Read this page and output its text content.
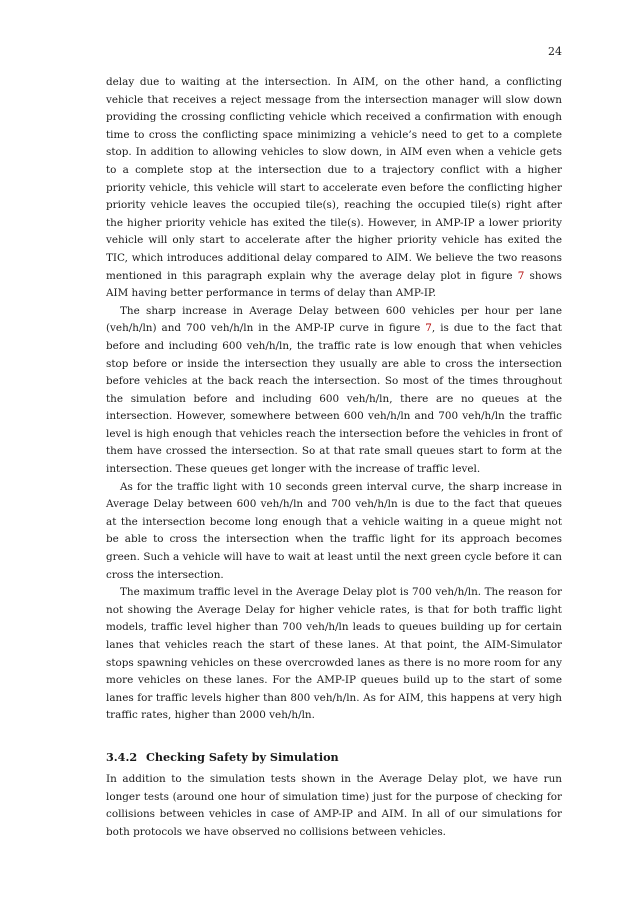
24

delay due to waiting at the intersection. In AIM, on the other hand, a conflicting vehicle that receives a reject message from the intersection manager will slow down providing the crossing conflicting vehicle which received a confirmation with enough time to cross the conflicting space minimizing a vehicle’s need to get to a complete stop. In addition to allowing vehicles to slow down, in AIM even when a vehicle gets to a complete stop at the intersection due to a trajectory conflict with a higher priority vehicle, this vehicle will start to accelerate even before the conflicting higher priority vehicle leaves the occupied tile(s), reaching the occupied tile(s) right after the higher priority vehicle has exited the tile(s). However, in AMP-IP a lower priority vehicle will only start to accelerate after the higher priority vehicle has exited the TIC, which introduces additional delay compared to AIM. We believe the two reasons mentioned in this paragraph explain why the average delay plot in figure 7 shows AIM having better performance in terms of delay than AMP-IP.

The sharp increase in Average Delay between 600 vehicles per hour per lane (veh/h/ln) and 700 veh/h/ln in the AMP-IP curve in figure 7, is due to the fact that before and including 600 veh/h/ln, the traffic rate is low enough that when vehicles stop before or inside the intersection they usually are able to cross the intersection before vehicles at the back reach the intersection. So most of the times throughout the simulation before and including 600 veh/h/ln, there are no queues at the intersection. However, somewhere between 600 veh/h/ln and 700 veh/h/ln the traffic level is high enough that vehicles reach the intersection before the vehicles in front of them have crossed the intersection. So at that rate small queues start to form at the intersection. These queues get longer with the increase of traffic level.

As for the traffic light with 10 seconds green interval curve, the sharp increase in Average Delay between 600 veh/h/ln and 700 veh/h/ln is due to the fact that queues at the intersection become long enough that a vehicle waiting in a queue might not be able to cross the intersection when the traffic light for its approach becomes green. Such a vehicle will have to wait at least until the next green cycle before it can cross the intersection.

The maximum traffic level in the Average Delay plot is 700 veh/h/ln. The reason for not showing the Average Delay for higher vehicle rates, is that for both traffic light models, traffic level higher than 700 veh/h/ln leads to queues building up for certain lanes that vehicles reach the start of these lanes. At that point, the AIM-Simulator stops spawning vehicles on these overcrowded lanes as there is no more room for any more vehicles on these lanes. For the AMP-IP queues build up to the start of some lanes for traffic levels higher than 800 veh/h/ln. As for AIM, this happens at very high traffic rates, higher than 2000 veh/h/ln.

3.4.2 Checking Safety by Simulation

In addition to the simulation tests shown in the Average Delay plot, we have run longer tests (around one hour of simulation time) just for the purpose of checking for collisions between vehicles in case of AMP-IP and AIM. In all of our simulations for both protocols we have observed no collisions between vehicles.
